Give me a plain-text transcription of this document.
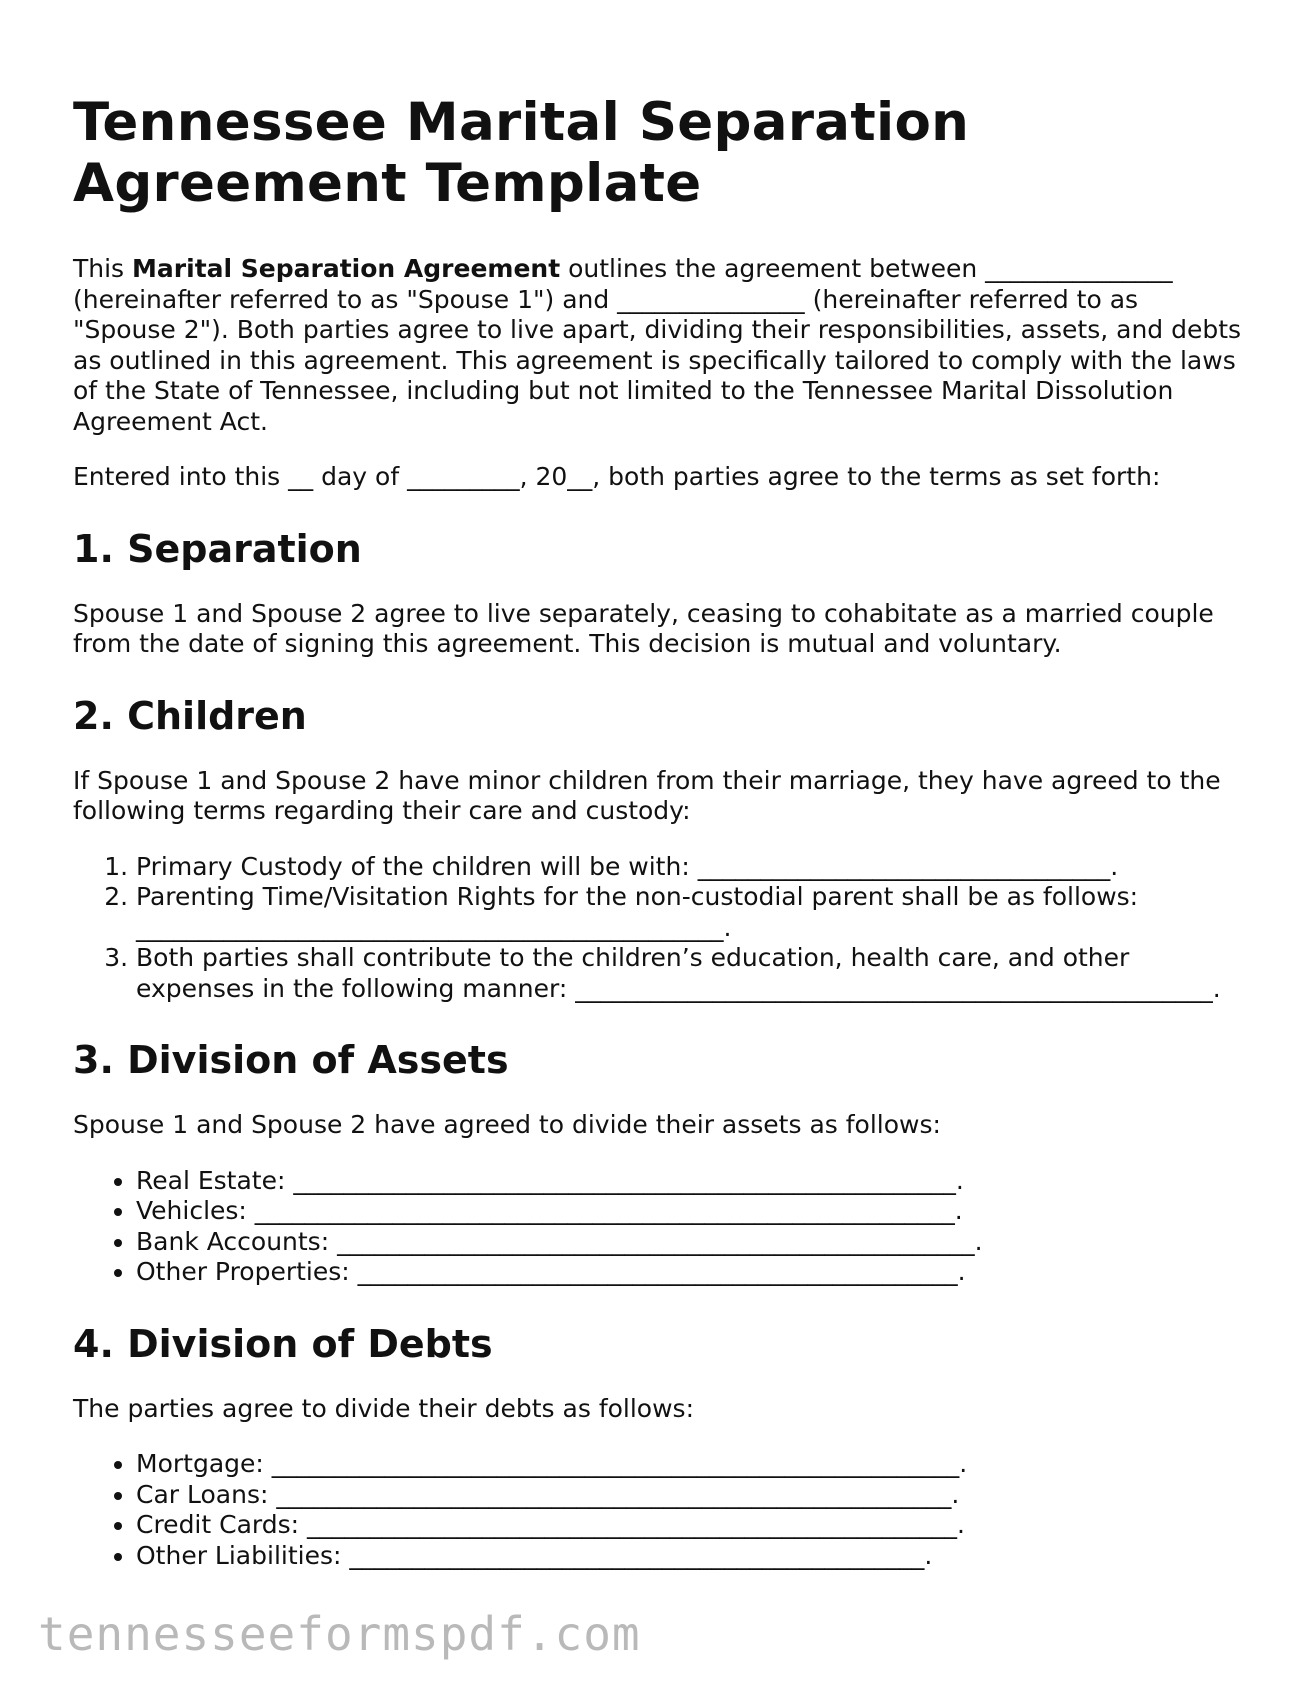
Tennessee Marital Separation Agreement Template

This Marital Separation Agreement outlines the agreement between _______________ (hereinafter referred to as "Spouse 1") and _______________ (hereinafter referred to as "Spouse 2"). Both parties agree to live apart, dividing their responsibilities, assets, and debts as outlined in this agreement. This agreement is specifically tailored to comply with the laws of the State of Tennessee, including but not limited to the Tennessee Marital Dissolution Agreement Act.

Entered into this __ day of _________, 20__, both parties agree to the terms as set forth:

1. Separation

Spouse 1 and Spouse 2 agree to live separately, ceasing to cohabitate as a married couple from the date of signing this agreement. This decision is mutual and voluntary.

2. Children

If Spouse 1 and Spouse 2 have minor children from their marriage, they have agreed to the following terms regarding their care and custody:

1. Primary Custody of the children will be with: _________________________________.
2. Parenting Time/Visitation Rights for the non-custodial parent shall be as follows: _______________________________________________.
3. Both parties shall contribute to the children’s education, health care, and other expenses in the following manner: ___________________________________________________.
3. Division of Assets

Spouse 1 and Spouse 2 have agreed to divide their assets as follows:

• Real Estate: _____________________________________________________.
• Vehicles: ________________________________________________________.
• Bank Accounts: ___________________________________________________.
• Other Properties: ________________________________________________.
4. Division of Debts

The parties agree to divide their debts as follows:

• Mortgage: _______________________________________________________.
• Car Loans: ______________________________________________________.
• Credit Cards: ____________________________________________________.
• Other Liabilities: ______________________________________________.
tennesseeformspdf.com
